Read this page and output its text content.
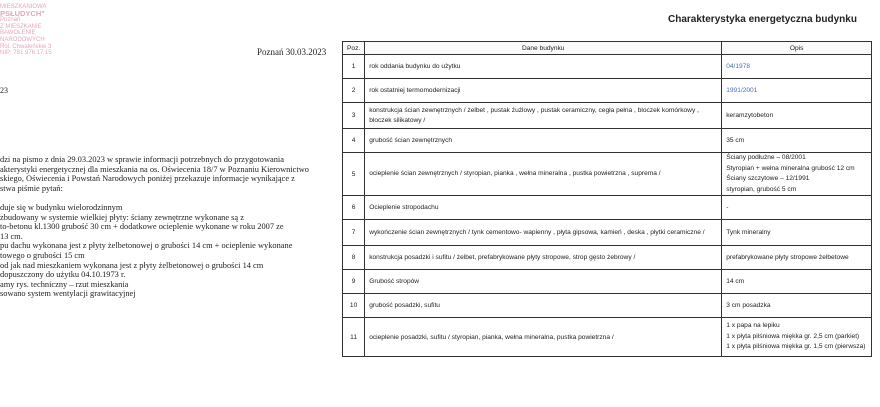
MIESZKANIOWA
PSŁUDYCH"
Poznań
Z MIESZKANIE
BAWOLENIE
NARODOWYCH
Rol. Chwaleńskie 3
NIP: 781 976 17 15	Poznań 30.03.2023
23
dzi na pismo z dnia 29.03.2023 w sprawie informacji potrzebnych do przygotowania
akterystyki energetycznej dla mieszkania na os. Oświecenia 18/7 w Poznaniu Kierownictwo
skiego, Oświecenia i Powstań Narodowych poniżej przekazuje informacje wynikające z
stwa piśmie pytań:

duje się w budynku wielorodzinnym
zbudowany w systemie wielkiej płyty: ściany zewnętrzne wykonane są z
to-betonu kl.1300 grubość 30 cm + dodatkowe ocieplenie wykonane w roku 2007 ze
13 cm.
pu dachu wykonana jest z płyty żelbetonowej o grubości 14 cm + ocieplenie wykonane
towego o grubości 15 cm
od jak nad mieszkaniem wykonana jest z płyty żelbetonowej o grubości 14 cm
dopuszczony do użytku 04.10.1973 r.
amy rys. techniczny – rzut mieszkania
sowano system wentylacji grawitacyjnej
Charakterystyka energetyczna budynku
Poz.	Dane budynku	Opis
1	rok oddania budynku do użytku	04/1978

2	rok ostatniej termomodernizacji	1991/2001

3	konstrukcja ścian zewnętrznych / żelbet , pustak żużlowy , pustak ceramiczny, cegła pełna , bloczek komórkowy , bloczek silikatowy /	keramzytobeton

4	grubość ścian zewnętrznych	35 cm

5	ocieplenie ścian zewnętrznych / styropian, pianka , wełna mineralna , pustka powietrzna , suprema /	Ściany podłużne – 08/2001
Styropian + wełna mineralna grubość 12 cm
Ściany szczytowe – 12/1991
styropian, grubość 5 cm

6	Ocieplenie stropodachu	-

7	wykończenie ścian zewnętrznych / tynk cementowo- wapienny , płyta gipsowa, kamień , deska , płytki ceramiczne /	Tynk mineralny

8	konstrukcja posadzki i sufitu / żelbet, prefabrykowane płyty stropowe, strop gęsto żebrowy /	prefabrykowane płyty stropowe żelbetowe

9	Grubość stropów	14 cm

10	grubość posadzki, sufitu	3 cm posadzka

11	ocieplenie posadzki, sufitu / styropian, pianka, wełna mineralna, pustka powietrzna /	1 x papa na lepiku
1 x płyta pilśniowa miękka gr. 2,5 cm (parkiet)
1 x płyta pilśniowa miękka gr. 1,5 cm (pierwsza)
